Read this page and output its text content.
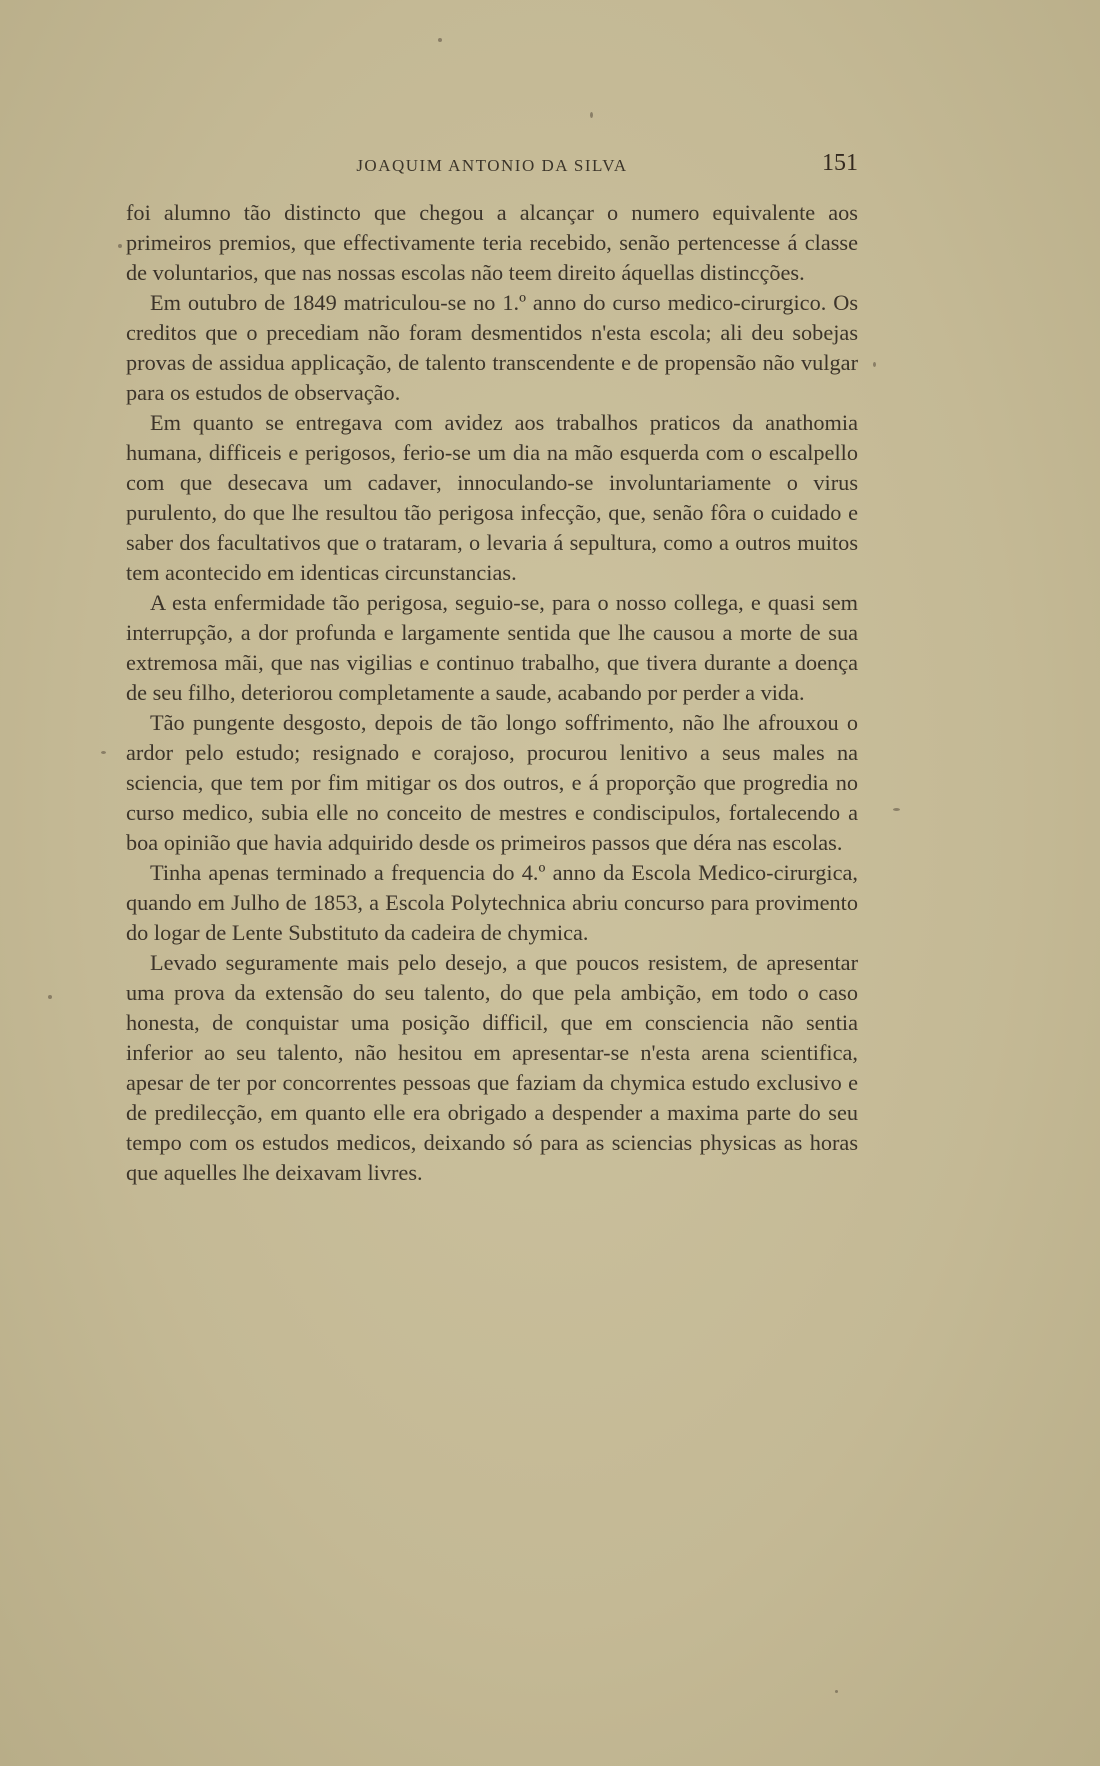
JOAQUIM ANTONIO DA SILVA	151

foi alumno tão distincto que chegou a alcançar o numero equivalente aos primeiros premios, que effectivamente teria recebido, senão pertencesse á classe de voluntarios, que nas nossas escolas não teem direito áquellas distincções.

Em outubro de 1849 matriculou-se no 1.º anno do curso medico-cirurgico. Os creditos que o precediam não foram desmentidos n'esta escola; ali deu sobejas provas de assidua applicação, de talento transcendente e de propensão não vulgar para os estudos de observação.

Em quanto se entregava com avidez aos trabalhos praticos da anathomia humana, difficeis e perigosos, ferio-se um dia na mão esquerda com o escalpello com que desecava um cadaver, innoculando-se involuntariamente o virus purulento, do que lhe resultou tão perigosa infecção, que, senão fôra o cuidado e saber dos facultativos que o trataram, o levaria á sepultura, como a outros muitos tem acontecido em identicas circunstancias.

A esta enfermidade tão perigosa, seguio-se, para o nosso collega, e quasi sem interrupção, a dor profunda e largamente sentida que lhe causou a morte de sua extremosa mãi, que nas vigilias e continuo trabalho, que tivera durante a doença de seu filho, deteriorou completamente a saude, acabando por perder a vida.

Tão pungente desgosto, depois de tão longo soffrimento, não lhe afrouxou o ardor pelo estudo; resignado e corajoso, procurou lenitivo a seus males na sciencia, que tem por fim mitigar os dos outros, e á proporção que progredia no curso medico, subia elle no conceito de mestres e condiscipulos, fortalecendo a boa opinião que havia adquirido desde os primeiros passos que déra nas escolas.

Tinha apenas terminado a frequencia do 4.º anno da Escola Medico-cirurgica, quando em Julho de 1853, a Escola Polytechnica abriu concurso para provimento do logar de Lente Substituto da cadeira de chymica.

Levado seguramente mais pelo desejo, a que poucos resistem, de apresentar uma prova da extensão do seu talento, do que pela ambição, em todo o caso honesta, de conquistar uma posição difficil, que em consciencia não sentia inferior ao seu talento, não hesitou em apresentar-se n'esta arena scientifica, apesar de ter por concorrentes pessoas que faziam da chymica estudo exclusivo e de predilecção, em quanto elle era obrigado a despender a maxima parte do seu tempo com os estudos medicos, deixando só para as sciencias physicas as horas que aquelles lhe deixavam livres.
